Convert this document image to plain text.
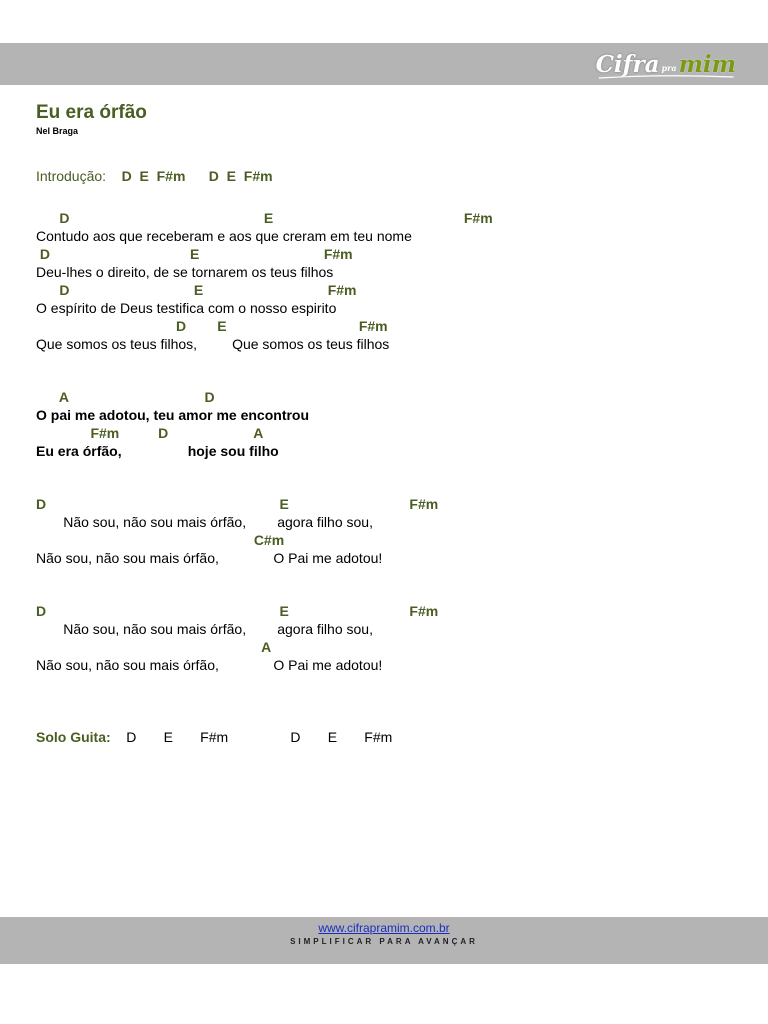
Cifra pra mim
Eu era órfão
Nel Braga
Introdução: D  E  F#m      D  E  F#m
D                                                  E                                                 F#m
Contudo aos que receberam e aos que creram em teu nome
D                                    E                                F#m
Deu-lhes o direito, de se tornarem os teus filhos
D                                E                                F#m
O espírito de Deus testifica com o nosso espirito
D        E                                  F#m
Que somos os teus filhos,         Que somos os teus filhos
A                                   D
O pai me adotou, teu amor me encontrou
F#m          D                      A
Eu era órfão,                 hoje sou filho
D                                                            E                               F#m
Não sou, não sou mais órfão,        agora filho sou,
C#m
Não sou, não sou mais órfão,              O Pai me adotou!
D                                                            E                               F#m
Não sou, não sou mais órfão,        agora filho sou,
A
Não sou, não sou mais órfão,              O Pai me adotou!
Solo Guita: D       E       F#m                D       E       F#m
www.cifrapramim.com.br
SIMPLIFICAR PARA AVANÇAR
